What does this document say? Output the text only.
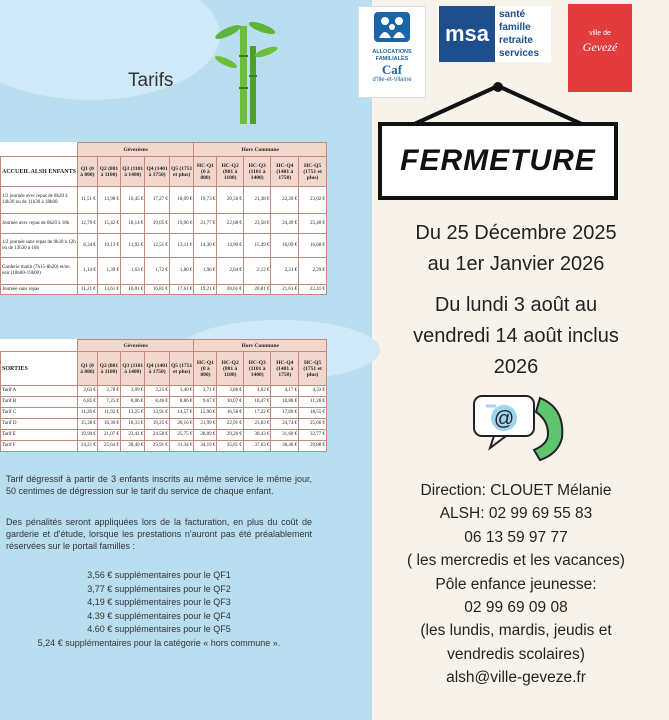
Tarifs
	Gévezéens					Hors Commune				
ACCUEIL ALSH ENFANTS	Q1 (0 à 800)	Q2 (801 à 1100)	Q3 (1101 à 1400)	Q4 (1401 à 1750)	Q5 (1751 et plus)	HC-Q1 (0 à 800)	HC-Q2 (801 à 1100)	HC-Q3 (1101 à 1400)	HC-Q4 (1401 à 1750)	HC-Q5 (1751 et plus)
1/2 journée avec repas de 8h20 à 14h30 ou de 11h30 à 18h00	11,51 €	13,98 €	16,45 €	17,27 €	18,09 €	19,73 €	20,56 €	21,38 €	22,20 €	23,02 €
Journée avec repas de 8h20 à 18h	12,70 €	15,42 €	18,14 €	19,05 €	19,96 €	21,77 €	22,68 €	23,58 €	24,49 €	25,40 €
1/2 journée sans repas de 8h30 à 12h ou de 13h30 à 18h	8,34 €	10,13 €	11,92 €	12,51 €	13,11 €	14,30 €	14,90 €	15,49 €	16,09 €	16,68 €
Garderie matin (7h15-8h20) et/ou soir (18h00-19h00)	1,14 €	1,39 €	1,63 €	1,72 €	1,80 €	1,96 €	2,04 €	2,12 €	2,21 €	2,29 €
Journée sans repas	11,21 €	13,61 €	16,01 €	16,81 €	17,61 €	19,21 €	20,01 €	20,81 €	21,61 €	22,41 €
	Gévezéens					Hors Commune				
SORTIES	Q1 (0 à 800)	Q2 (801 à 1100)	Q3 (1101 à 1400)	Q4 (1401 à 1750)	Q5 (1751 et plus)	HC-Q1 (0 à 800)	HC-Q2 (801 à 1100)	HC-Q3 (1101 à 1400)	HC-Q4 (1401 à 1750)	HC-Q5 (1751 et plus)
Tarif A	2,63 €	2,78 €	3,09 €	3,25 €	3,40 €	3,71 €	3,86 €	4,02 €	4,17 €	4,33 €
Tarif B	6,85 €	7,25 €	8,06 €	8,46 €	8,86 €	9,67 €	10,07 €	10,47 €	10,88 €	11,28 €
Tarif C	11,26 €	11,92 €	13,25 €	13,91 €	14,57 €	15,90 €	16,56 €	17,22 €	17,89 €	18,55 €
Tarif D	15,38 €	16,30 €	18,33 €	19,25 €	20,16 €	21,99 €	22,91 €	23,83 €	24,74 €	25,66 €
Tarif E	19,90 €	21,07 €	23,41 €	24,58 €	25,75 €	28,09 €	29,26 €	30,43 €	31,60 €	32,77 €
Tarif F	24,21 €	25,64 €	28,49 €	29,91 €	31,34 €	34,19 €	35,61 €	37,03 €	38,46 €	39,88 €
Tarif dégressif à partir de 3 enfants inscrits au même service le même jour, 50 centimes de dégression sur le tarif du service de chaque enfant.
Des pénalités seront appliquées lors de la facturation, en plus du coût de garderie et d'étude, lorsque les prestations n'auront pas été préalablement réservées sur le portail familles :
3,56 € supplémentaires pour le QF1
3,77 € supplémentaires pour le QF2
4,19 € supplémentaires pour le QF3
4.39 € supplémentaires pour le QF4
4.60 € supplémentaires pour le QF5
5,24 € supplémentaires pour la catégorie « hors commune ».
ALLOCATIONS
FAMILIALES
Caf
d'Ille-et-Vilaine
msa
santé
famille
retraite
services
ville de
Gevezé
FERMETURE
Du 25 Décembre 2025
au 1er Janvier 2026
Du lundi 3 août au
vendredi 14 août inclus
2026
@
Direction: CLOUET Mélanie
ALSH: 02 99 69 55 83
06 13 59 97 77
( les mercredis et les vacances)
Pôle enfance jeunesse:
02 99 69 09 08
(les lundis, mardis, jeudis et
vendredis scolaires)
alsh@ville-geveze.fr
